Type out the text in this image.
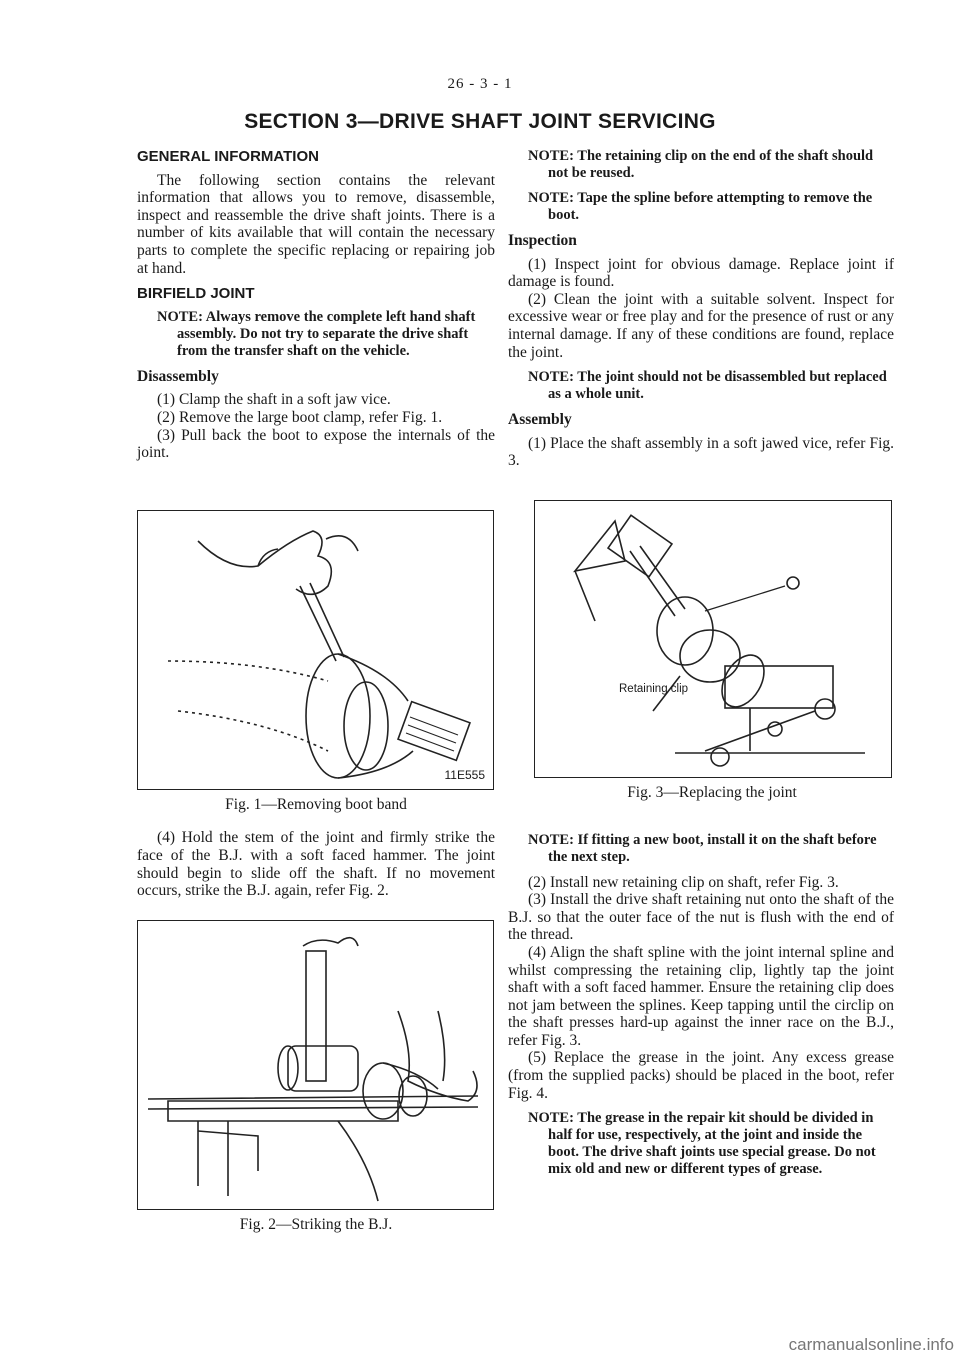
26 - 3 - 1
SECTION 3—DRIVE SHAFT JOINT SERVICING
GENERAL INFORMATION

The following section contains the relevant information that allows you to remove, disassemble, inspect and reassemble the drive shaft joints. There is a number of kits available that will contain the necessary parts to complete the specific replacing or repairing job at hand.

BIRFIELD JOINT

NOTE: Always remove the complete left hand shaft assembly. Do not try to separate the drive shaft from the transfer shaft on the vehicle.

Disassembly

(1) Clamp the shaft in a soft jaw vice.

(2) Remove the large boot clamp, refer Fig. 1.

(3) Pull back the boot to expose the internals of the joint.

11E555
Fig. 1—Removing boot band

(4) Hold the stem of the joint and firmly strike the face of the B.J. with a soft faced hammer. The joint should begin to slide off the shaft. If no movement occurs, strike the B.J. again, refer Fig. 2.

Fig. 2—Striking the B.J.

NOTE: The retaining clip on the end of the shaft should not be reused.

NOTE: Tape the spline before attempting to remove the boot.

Inspection

(1) Inspect joint for obvious damage. Replace joint if damage is found.

(2) Clean the joint with a suitable solvent. Inspect for excessive wear or free play and for the presence of rust or any internal damage. If any of these conditions are found, replace the joint.

NOTE: The joint should not be disassembled but replaced as a whole unit.

Assembly

(1) Place the shaft assembly in a soft jawed vice, refer Fig. 3.

Retaining clip
Fig. 3—Replacing the joint

NOTE: If fitting a new boot, install it on the shaft before the next step.

(2) Install new retaining clip on shaft, refer Fig. 3.

(3) Install the drive shaft retaining nut onto the shaft of the B.J. so that the outer face of the nut is flush with the end of the thread.

(4) Align the shaft spline with the joint internal spline and whilst compressing the retaining clip, lightly tap the joint shaft with a soft faced hammer. Ensure the retaining clip does not jam between the splines. Keep tapping until the circlip on the shaft presses hard-up against the inner race on the B.J., refer Fig. 3.

(5) Replace the grease in the joint. Any excess grease (from the supplied packs) should be placed in the boot, refer Fig. 4.

NOTE: The grease in the repair kit should be divided in half for use, respectively, at the joint and inside the boot. The drive shaft joints use special grease. Do not mix old and new or different types of grease.

carmanualsonline.info
